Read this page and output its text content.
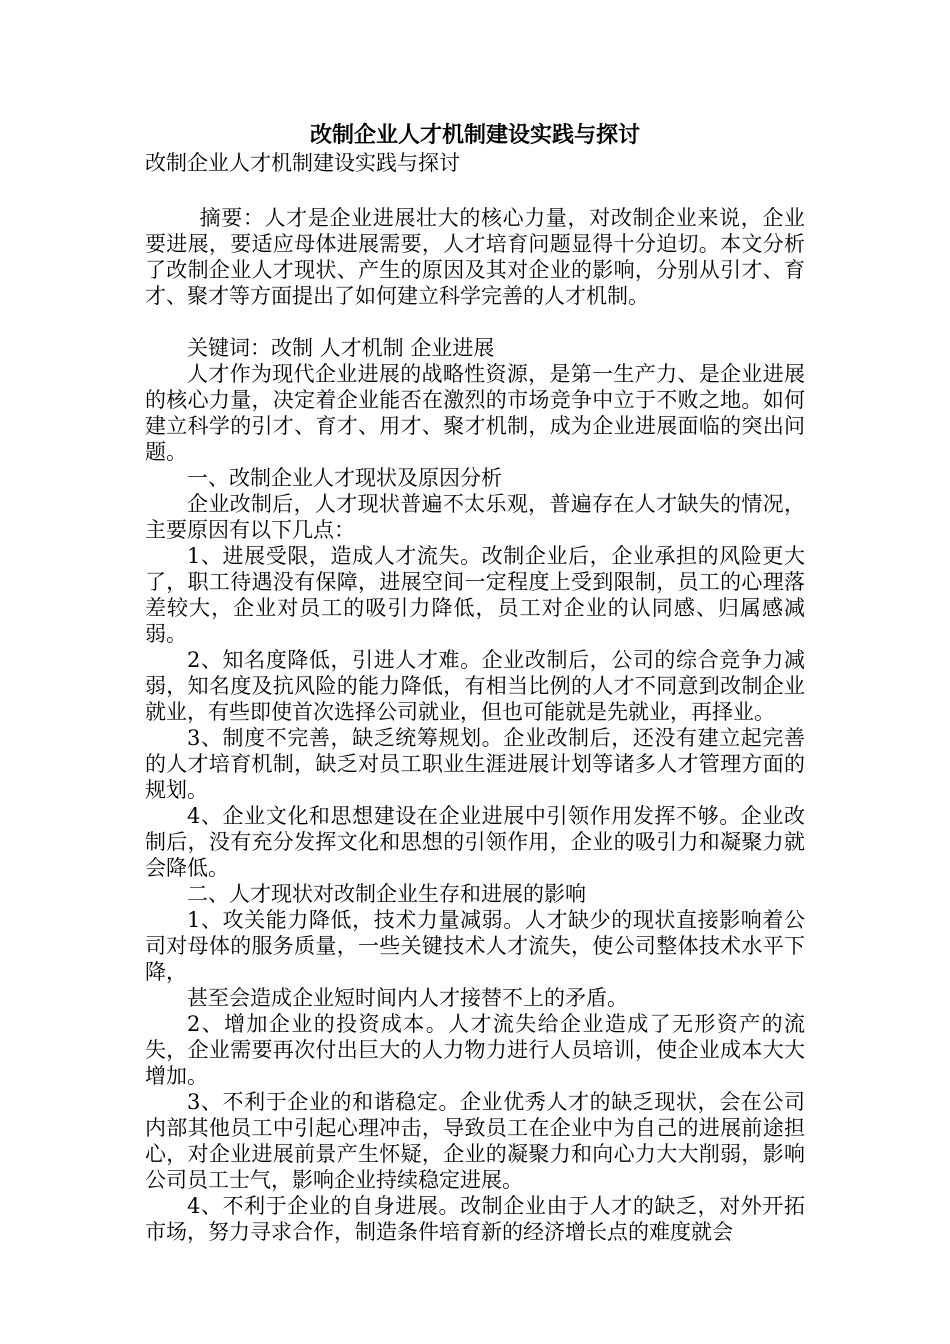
改制企业人才机制建设实践与探讨

改制企业人才机制建设实践与探讨

摘要：人才是企业进展壮大的核心力量，对改制企业来说，企业要进展，要适应母体进展需要，人才培育问题显得十分迫切。本文分析了改制企业人才现状、产生的原因及其对企业的影响，分别从引才、育才、聚才等方面提出了如何建立科学完善的人才机制。

关键词：改制 人才机制 企业进展

人才作为现代企业进展的战略性资源，是第一生产力、是企业进展的核心力量，决定着企业能否在激烈的市场竞争中立于不败之地。如何建立科学的引才、育才、用才、聚才机制，成为企业进展面临的突出问题。

一、改制企业人才现状及原因分析

企业改制后，人才现状普遍不太乐观，普遍存在人才缺失的情况，主要原因有以下几点：

1、进展受限，造成人才流失。改制企业后，企业承担的风险更大了，职工待遇没有保障，进展空间一定程度上受到限制，员工的心理落差较大，企业对员工的吸引力降低，员工对企业的认同感、归属感减弱。

2、知名度降低，引进人才难。企业改制后，公司的综合竞争力减弱，知名度及抗风险的能力降低，有相当比例的人才不同意到改制企业就业，有些即使首次选择公司就业，但也可能就是先就业，再择业。

3、制度不完善，缺乏统筹规划。企业改制后，还没有建立起完善的人才培育机制，缺乏对员工职业生涯进展计划等诸多人才管理方面的规划。

4、企业文化和思想建设在企业进展中引领作用发挥不够。企业改制后，没有充分发挥文化和思想的引领作用，企业的吸引力和凝聚力就会降低。

二、人才现状对改制企业生存和进展的影响

1、攻关能力降低，技术力量减弱。人才缺少的现状直接影响着公司对母体的服务质量，一些关键技术人才流失，使公司整体技术水平下降，

甚至会造成企业短时间内人才接替不上的矛盾。

2、增加企业的投资成本。人才流失给企业造成了无形资产的流失，企业需要再次付出巨大的人力物力进行人员培训，使企业成本大大增加。

3、不利于企业的和谐稳定。企业优秀人才的缺乏现状，会在公司内部其他员工中引起心理冲击，导致员工在企业中为自己的进展前途担心，对企业进展前景产生怀疑，企业的凝聚力和向心力大大削弱，影响公司员工士气，影响企业持续稳定进展。

4、不利于企业的自身进展。改制企业由于人才的缺乏，对外开拓市场，努力寻求合作，制造条件培育新的经济增长点的难度就会
